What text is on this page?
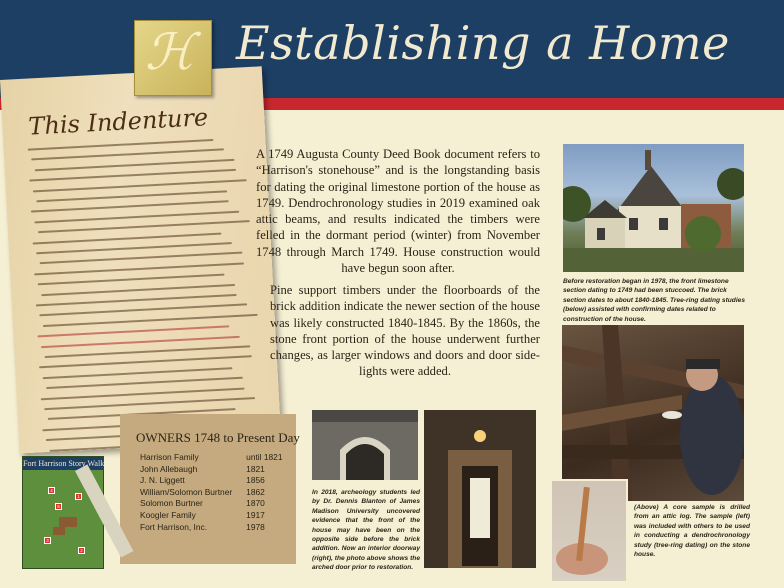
This Indenture
ℋ Establishing a Home

A 1749 Augusta County Deed Book document refers to “Harrison's stonehouse” and is the longstanding basis for dating the original limestone portion of the house as 1749. Dendrochronology studies in 2019 examined oak attic beams, and results indicated the timbers were felled in the dormant period (winter) from November 1748 through March 1749. House construction would have begun soon after.

Pine support timbers under the floorboards of the brick addition indicate the newer section of the house was likely constructed 1840-1845. By the 1860s, the stone front portion of the house underwent further changes, as larger windows and doors and door side-lights were added.

Before restoration began in 1978, the front limestone section dating to 1749 had been stuccoed. The brick section dates to about 1840-1845. Tree-ring dating studies (below) assisted with confirming dates related to construction of the house.
(Above) A core sample is drilled from an attic log. The sample (left) was included with others to be used in conducting a dendrochronology study (tree-ring dating) on the stone house.
In 2018, archeology students led by Dr. Dennis Blanton of James Madison University uncovered evidence that the front of the house may have been on the opposite side before the brick addition. Now an interior doorway (right), the photo above shows the arched door prior to restoration.
OWNERS 1748 to Present Day
Harrison Family	until 1821
John Allebaugh	1821
J. N. Liggett	1856
William/Solomon Burtner	1862
Solomon Burtner	1870
Koogler Family	1917
Fort Harrison, Inc.	1978
Fort Harrison Story Walk
1
2
3
4
5
